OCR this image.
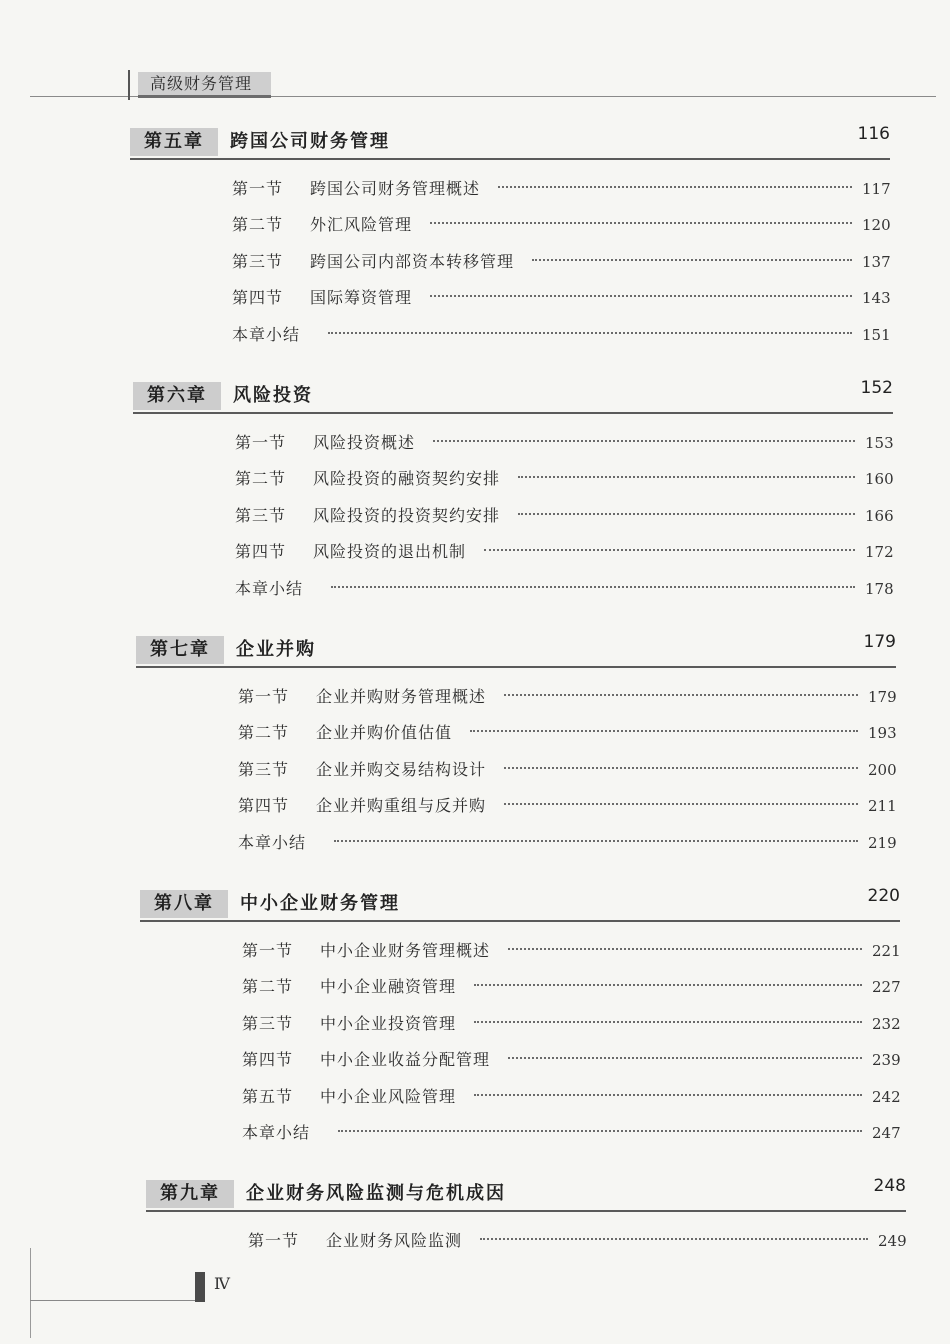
高级财务管理
第五章	跨国公司财务管理	116
第一节	跨国公司财务管理概述	117
第二节	外汇风险管理	120
第三节	跨国公司内部资本转移管理	137
第四节	国际筹资管理	143
本章小结	151
第六章	风险投资	152
第一节	风险投资概述	153
第二节	风险投资的融资契约安排	160
第三节	风险投资的投资契约安排	166
第四节	风险投资的退出机制	172
本章小结	178
第七章	企业并购	179
第一节	企业并购财务管理概述	179
第二节	企业并购价值估值	193
第三节	企业并购交易结构设计	200
第四节	企业并购重组与反并购	211
本章小结	219
第八章	中小企业财务管理	220
第一节	中小企业财务管理概述	221
第二节	中小企业融资管理	227
第三节	中小企业投资管理	232
第四节	中小企业收益分配管理	239
第五节	中小企业风险管理	242
本章小结	247
第九章	企业财务风险监测与危机成因	248
第一节	企业财务风险监测	249
Ⅳ
